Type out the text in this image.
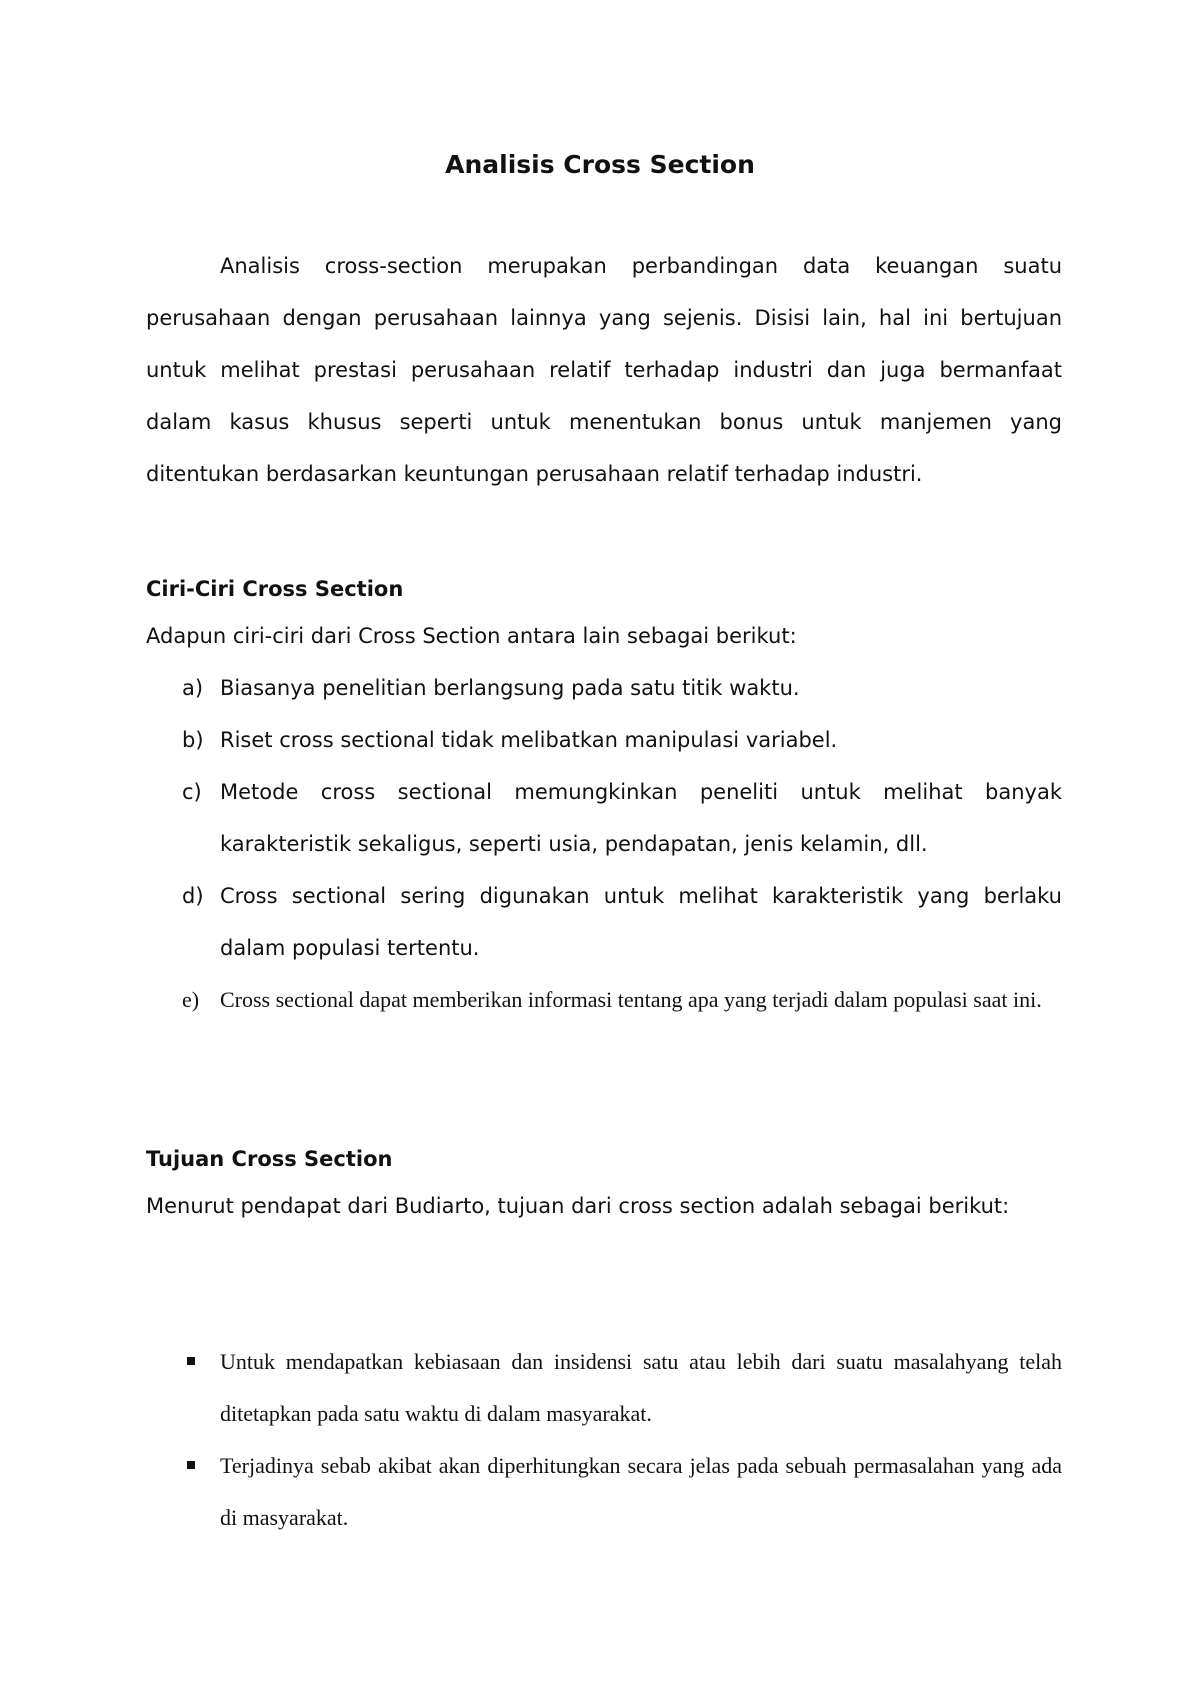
Analisis Cross Section

Analisis cross-section merupakan perbandingan data keuangan suatu perusahaan dengan perusahaan lainnya yang sejenis. Disisi lain, hal ini bertujuan untuk melihat prestasi perusahaan relatif terhadap industri dan juga bermanfaat dalam kasus khusus seperti untuk menentukan bonus untuk manjemen yang ditentukan berdasarkan keuntungan perusahaan relatif terhadap industri.

Ciri-Ciri Cross Section

Adapun ciri-ciri dari Cross Section antara lain sebagai berikut:

a) Biasanya penelitian berlangsung pada satu titik waktu.
b) Riset cross sectional tidak melibatkan manipulasi variabel.
c) Metode cross sectional memungkinkan peneliti untuk melihat banyak karakteristik sekaligus, seperti usia, pendapatan, jenis kelamin, dll.
d) Cross sectional sering digunakan untuk melihat karakteristik yang berlaku dalam populasi tertentu.
e) Cross sectional dapat memberikan informasi tentang apa yang terjadi dalam populasi saat ini.
Tujuan Cross Section

Menurut pendapat dari Budiarto, tujuan dari cross section adalah sebagai berikut:

Untuk mendapatkan kebiasaan dan insidensi satu atau lebih dari suatu masalahyang telah ditetapkan pada satu waktu di dalam masyarakat.
Terjadinya sebab akibat akan diperhitungkan secara jelas pada sebuah permasalahan yang ada di masyarakat.
